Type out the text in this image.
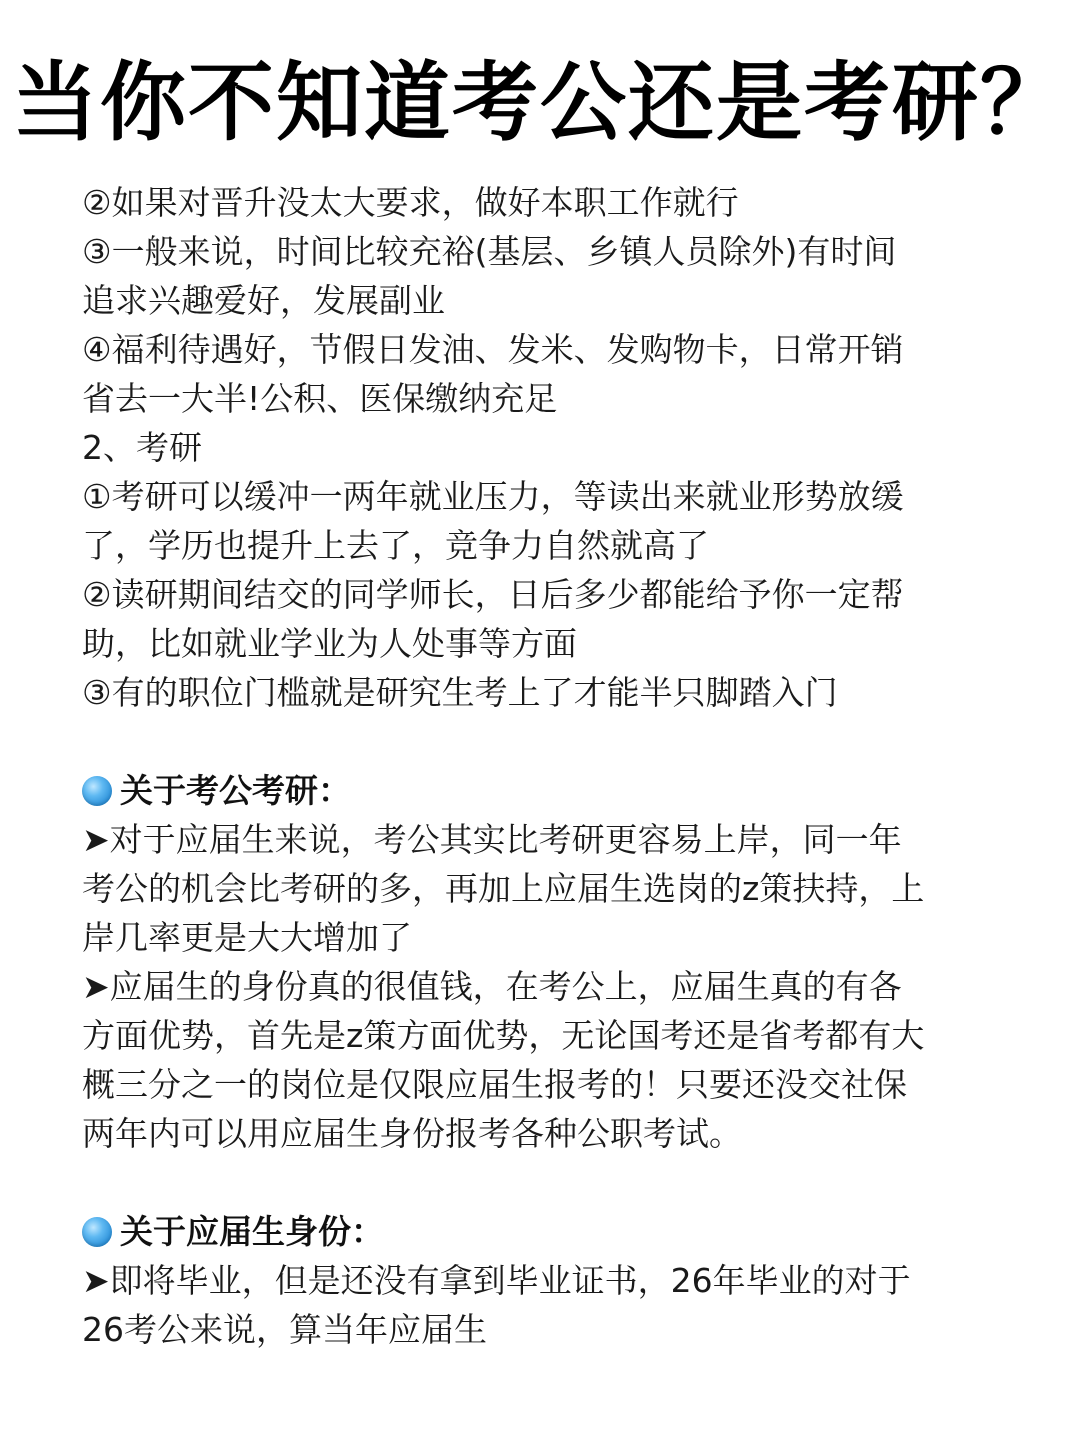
当你不知道考公还是考研？
②如果对晋升没太大要求，做好本职工作就行
③一般来说，时间比较充裕(基层、乡镇人员除外)有时间
追求兴趣爱好，发展副业
④福利待遇好，节假日发油、发米、发购物卡，日常开销
省去一大半!公积、医保缴纳充足
2、考研
①考研可以缓冲一两年就业压力，等读出来就业形势放缓
了，学历也提升上去了，竞争力自然就高了
②读研期间结交的同学师长，日后多少都能给予你一定帮
助，比如就业学业为人处事等方面
③有的职位门槛就是研究生考上了才能半只脚踏入门
关于考公考研：
➤对于应届生来说，考公其实比考研更容易上岸，同一年
考公的机会比考研的多，再加上应届生选岗的z策扶持，上
岸几率更是大大增加了
➤应届生的身份真的很值钱，在考公上，应届生真的有各
方面优势，首先是z策方面优势，无论国考还是省考都有大
概三分之一的岗位是仅限应届生报考的！只要还没交社保
两年内可以用应届生身份报考各种公职考试。
关于应届生身份：
➤即将毕业，但是还没有拿到毕业证书，26年毕业的对于
26考公来说，算当年应届生
